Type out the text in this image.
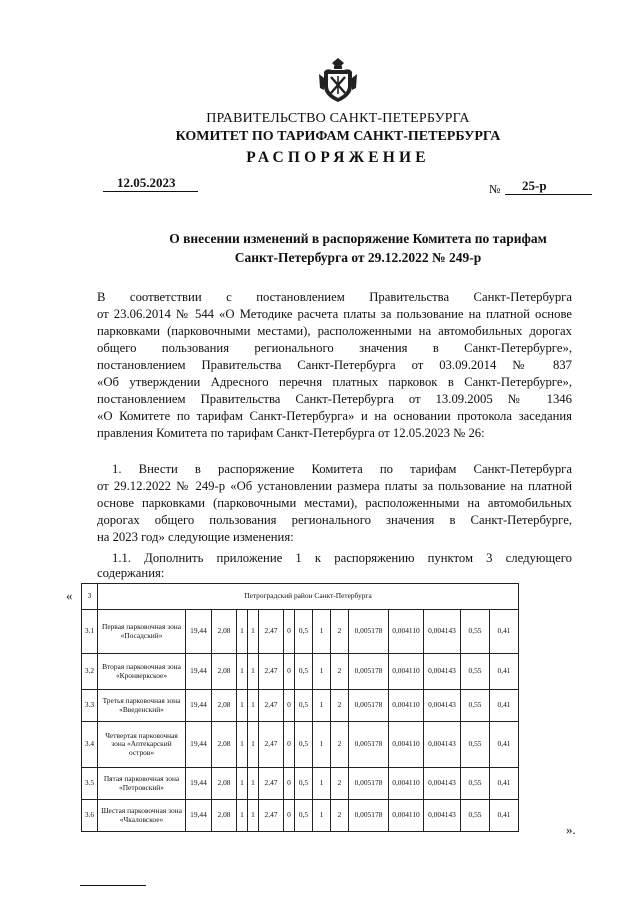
ПРАВИТЕЛЬСТВО САНКТ-ПЕТЕРБУРГА
КОМИТЕТ ПО ТАРИФАМ САНКТ-ПЕТЕРБУРГА
РАСПОРЯЖЕНИЕ
12.05.2023	№ 25-р
О внесении изменений в распоряжение Комитета по тарифам
Санкт-Петербурга от 29.12.2022 № 249-р
В соответствии с постановлением Правительства Санкт-Петербурга
от 23.06.2014 № 544 «О Методике расчета платы за пользование на платной основе
парковками (парковочными местами), расположенными на автомобильных дорогах
общего пользования регионального значения в Санкт-Петербурге»,
постановлением Правительства Санкт-Петербурга от 03.09.2014 № 837
«Об утверждении Адресного перечня платных парковок в Санкт-Петербурге»,
постановлением Правительства Санкт-Петербурга от 13.09.2005 № 1346
«О Комитете по тарифам Санкт-Петербурга» и на основании протокола заседания
правления Комитета по тарифам Санкт-Петербурга от 12.05.2023 № 26:
1. Внести в распоряжение Комитета по тарифам Санкт-Петербурга
от 29.12.2022 № 249-р «Об установлении размера платы за пользование на платной
основе парковками (парковочными местами), расположенными на автомобильных
дорогах общего пользования регионального значения в Санкт-Петербурге,
на 2023 год» следующие изменения:
1.1. Дополнить приложение 1 к распоряжению пунктом 3 следующего
содержания:
« 3	Петроградский район Санкт-Петербурга														
3.1	Первая парковочная зона «Посадский»	19,44	2,08	1	1	2,47	0	0,5	1	2	0,005178	0,004110	0,004143	0,55	0,41
3.2	Вторая парковочная зона «Кронверкское»	19,44	2,08	1	1	2,47	0	0,5	1	2	0,005178	0,004110	0,004143	0,55	0,41
3.3	Третья парковочная зона «Введенский»	19,44	2,08	1	1	2,47	0	0,5	1	2	0,005178	0,004110	0,004143	0,55	0,41
3.4	Четвертая парковочная зона «Аптекарский остров»	19,44	2,08	1	1	2,47	0	0,5	1	2	0,005178	0,004110	0,004143	0,55	0,41
3.5	Пятая парковочная зона «Петровский»	19,44	2,08	1	1	2,47	0	0,5	1	2	0,005178	0,004110	0,004143	0,55	0,41
3.6	Шестая парковочная зона «Чкаловское»	19,44	2,08	1	1	2,47	0	0,5	1	2	0,005178	0,004110	0,004143	0,55	0,41
».
